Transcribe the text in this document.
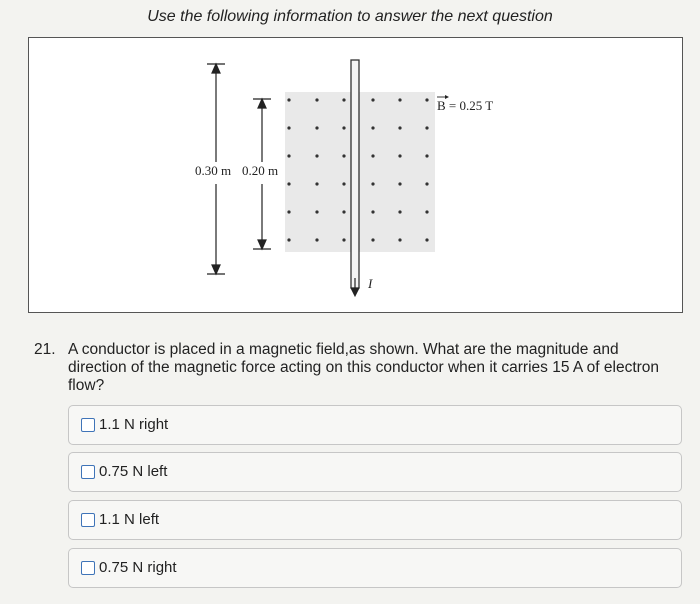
Use the following information to answer the next question
0.30 m 0.20 m
I
B = 0.25 T
21. A conductor is placed in a magnetic field,as shown. What are the magnitude and direction of the magnetic force acting on this conductor when it carries 15 A of electron flow?
1.1 N right
0.75 N left
1.1 N left
0.75 N right
